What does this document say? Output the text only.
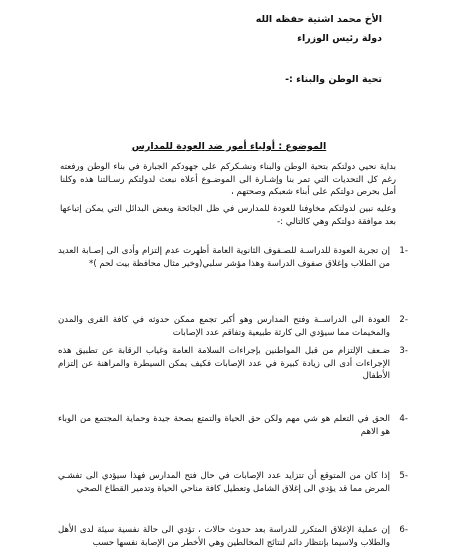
الأخ محمد اشتية حفظه الله
دولة رئيس الوزراء
تحية الوطن والبناء :-
الموضوع : أولياء أمور ضد العودة للمدارس
بداية نحيي دولتكم بتحية الوطن والبناء ونشـكركم على جهودكم الجبارة في بناء الوطن ورفعته رغم كل التحديات التي تمر بنا وإشـارة الى الموضـوع أعلاه نبعث لدولتكم رسـالتنا هذه وكلنا أمل بحرص دولتكم على أبناء شعبكم وصحتهم ،
وعليه نبين لدولتكم مخاوفنا للعودة للمدارس في ظل الجائحة وبعض البدائل التي يمكن إتباعها بعد موافقة دولتكم وهي كالتالي :-
-1
إن تجربة العودة للدراسـة للصـفوف الثانوية العامة أظهرت عدم إلتزام وأدى الى إصـابة العديد من الطلاب وإغلاق صفوف الدراسة وهذا مؤشر سلبي(وخير مثال محافظة بيت لحم )*
-2
العودة الى الدراســة وفتح المدارس وهو أكبر تجمع ممكن حدوثه في كافة القرى والمدن والمخيمات مما سيؤدي الى كارثة طبيعية وتفاقم عدد الإصابات
-3
ضـعف الإلتزام من قبل المواطنين بإجراءات السلامة العامة وغياب الرقابة عن تطبيق هذه الإجراءات أدى الى زيادة كبيرة في عدد الإصابات فكيف يمكن السيطرة والمراهنة عن إلتزام الأطفال
-4
الحق في التعلم هو شي مهم ولكن حق الحياة والتمتع بصحة جيدة وحماية المجتمع من الوباء هو الاهم
-5
إذا كان من المتوقع أن تتزايد عدد الإصابات في حال فتح المدارس فهذا سيؤدي الى تفشـي المرض مما قد يؤدي الى إغلاق الشامل وتعطيل كافة مناحي الحياة وتدمير القطاع الصحي
-6
إن عملية الإغلاق المتكرر للدراسة بعد حدوث حالات ، تؤدي الى حالة نفسية سيئة لدى الأهل والطلاب ولاسيما بإنتظار دائم لنتائج المخالطين وهي الأخطر من الإصابة نفسها حسب
